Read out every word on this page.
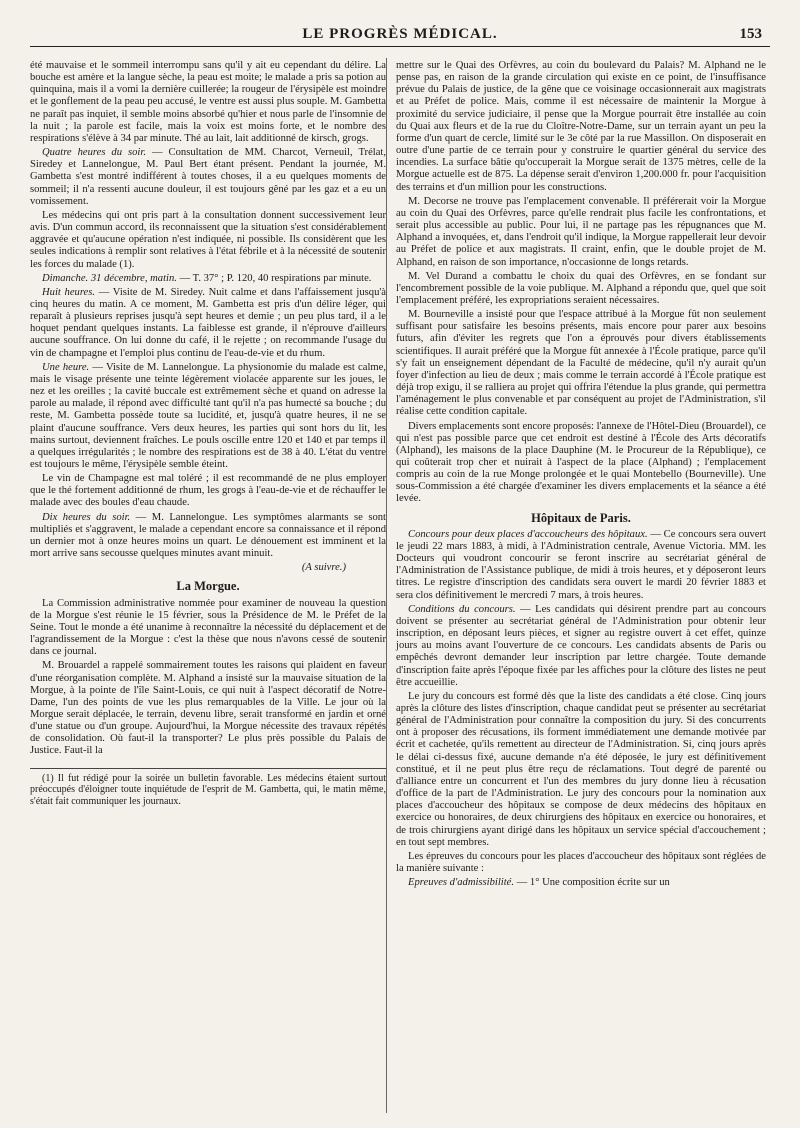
LE PROGRÈS MÉDICAL.	153

été mauvaise et le sommeil interrompu sans qu'il y ait eu cependant du délire. La bouche est amère et la langue sèche, la peau est moite; le malade a pris sa potion au quinquina, mais il a vomi la dernière cuillerée; la rougeur de l'érysipèle est moindre et le gonflement de la peau peu accusé, le ventre est aussi plus souple. M. Gambetta ne paraît pas inquiet, il semble moins absorbé qu'hier et nous parle de l'insomnie de la nuit ; la parole est facile, mais la voix est moins forte, et le nombre des respirations s'élève à 34 par minute. Thé au lait, lait additionné de kirsch, grogs.

Quatre heures du soir. — Consultation de MM. Charcot, Verneuil, Trélat, Siredey et Lannelongue, M. Paul Bert étant présent. Pendant la journée, M. Gambetta s'est montré indifférent à toutes choses, il a eu quelques moments de sommeil; il n'a ressenti aucune douleur, il est toujours gêné par les gaz et a eu un vomissement.

Les médecins qui ont pris part à la consultation donnent successivement leur avis. D'un commun accord, ils reconnaissent que la situation s'est considérablement aggravée et qu'aucune opération n'est indiquée, ni possible. Ils considèrent que les seules indications à remplir sont relatives à l'état fébrile et à la nécessité de soutenir les forces du malade (1).

Dimanche. 31 décembre, matin. — T. 37° ; P. 120, 40 respirations par minute.

Huit heures. — Visite de M. Siredey. Nuit calme et dans l'affaissement jusqu'à cinq heures du matin. A ce moment, M. Gambetta est pris d'un délire léger, qui reparaît à plusieurs reprises jusqu'à sept heures et demie ; un peu plus tard, il a le hoquet pendant quelques instants. La faiblesse est grande, il n'éprouve d'ailleurs aucune souffrance. On lui donne du café, il le rejette ; on recommande l'usage du vin de champagne et l'emploi plus continu de l'eau-de-vie et du rhum.

Une heure. — Visite de M. Lannelongue. La physionomie du malade est calme, mais le visage présente une teinte légèrement violacée apparente sur les joues, le nez et les oreilles ; la cavité buccale est extrêmement sèche et quand on adresse la parole au malade, il répond avec difficulté tant qu'il n'a pas humecté sa bouche ; du reste, M. Gambetta possède toute sa lucidité, et, jusqu'à quatre heures, il ne se plaint d'aucune souffrance. Vers deux heures, les parties qui sont hors du lit, les mains surtout, deviennent fraîches. Le pouls oscille entre 120 et 140 et par temps il a quelques irrégularités ; le nombre des respirations est de 38 à 40. L'état du ventre est toujours le même, l'érysipèle semble éteint.

Le vin de Champagne est mal toléré ; il est recommandé de ne plus employer que le thé fortement additionné de rhum, les grogs à l'eau-de-vie et de réchauffer le malade avec des boules d'eau chaude.

Dix heures du soir. — M. Lannelongue. Les symptômes alarmants se sont multipliés et s'aggravent, le malade a cependant encore sa connaissance et il répond un dernier mot à onze heures moins un quart. Le dénouement est imminent et la mort arrive sans secousse quelques minutes avant minuit.

(A suivre.)
La Morgue.

La Commission administrative nommée pour examiner de nouveau la question de la Morgue s'est réunie le 15 février, sous la Présidence de M. le Préfet de la Seine. Tout le monde a été unanime à reconnaître la nécessité du déplacement et de l'agrandissement de la Morgue : c'est la thèse que nous n'avons cessé de soutenir dans ce journal.

M. Brouardel a rappelé sommairement toutes les raisons qui plaident en faveur d'une réorganisation complète. M. Alphand a insisté sur la mauvaise situation de la Morgue, à la pointe de l'île Saint-Louis, ce qui nuit à l'aspect décoratif de Notre-Dame, l'un des points de vue les plus remarquables de la Ville. Le jour où la Morgue serait déplacée, le terrain, devenu libre, serait transformé en jardin et orné d'une statue ou d'un groupe. Aujourd'hui, la Morgue nécessite des travaux répétés de consolidation. Où faut-il la transporter? Le plus près possible du Palais de Justice. Faut-il la

(1) Il fut rédigé pour la soirée un bulletin favorable. Les médecins étaient surtout préoccupés d'éloigner toute inquiétude de l'esprit de M. Gambetta, qui, le matin même, s'était fait communiquer les journaux.

mettre sur le Quai des Orfèvres, au coin du boulevard du Palais? M. Alphand ne le pense pas, en raison de la grande circulation qui existe en ce point, de l'insuffisance prévue du Palais de justice, de la gêne que ce voisinage occasionnerait aux magistrats et au Préfet de police. Mais, comme il est nécessaire de maintenir la Morgue à proximité du service judiciaire, il pense que la Morgue pourrait être installée au coin du Quai aux fleurs et de la rue du Cloître-Notre-Dame, sur un terrain ayant un peu la forme d'un quart de cercle, limité sur le 3e côté par la rue Massillon. On disposerait en outre d'une partie de ce terrain pour y construire le quartier général du service des incendies. La surface bâtie qu'occuperait la Morgue serait de 1375 mètres, celle de la Morgue actuelle est de 875. La dépense serait d'environ 1,200.000 fr. pour l'acquisition des terrains et d'un million pour les constructions.

M. Decorse ne trouve pas l'emplacement convenable. Il préférerait voir la Morgue au coin du Quai des Orfèvres, parce qu'elle rendrait plus facile les confrontations, et serait plus accessible au public. Pour lui, il ne partage pas les répugnances que M. Alphand a invoquées, et, dans l'endroit qu'il indique, la Morgue rappellerait leur devoir au Préfet de police et aux magistrats. Il craint, enfin, que le double projet de M. Alphand, en raison de son importance, n'occasionne de longs retards.

M. Vel Durand a combattu le choix du quai des Orfèvres, en se fondant sur l'encombrement possible de la voie publique. M. Alphand a répondu que, quel que soit l'emplacement préféré, les expropriations seraient nécessaires.

M. Bourneville a insisté pour que l'espace attribué à la Morgue fût non seulement suffisant pour satisfaire les besoins présents, mais encore pour parer aux besoins futurs, afin d'éviter les regrets que l'on a éprouvés pour divers établissements scientifiques. Il aurait préféré que la Morgue fût annexée à l'École pratique, parce qu'il s'y fait un enseignement dépendant de la Faculté de médecine, qu'il n'y aurait qu'un foyer d'infection au lieu de deux ; mais comme le terrain accordé à l'École pratique est déjà trop exigu, il se ralliera au projet qui offrira l'étendue la plus grande, qui permettra l'aménagement le plus convenable et par conséquent au projet de l'Administration, s'il réalise cette condition capitale.

Divers emplacements sont encore proposés: l'annexe de l'Hôtel-Dieu (Brouardel), ce qui n'est pas possible parce que cet endroit est destiné à l'École des Arts décoratifs (Alphand), les maisons de la place Dauphine (M. le Procureur de la République), ce qui coûterait trop cher et nuirait à l'aspect de la place (Alphand) ; l'emplacement compris au coin de la rue Monge prolongée et le quai Montebello (Bourneville). Une sous-Commission a été chargée d'examiner les divers emplacements et la séance a été levée.

Hôpitaux de Paris.

Concours pour deux places d'accoucheurs des hôpitaux. — Ce concours sera ouvert le jeudi 22 mars 1883, à midi, à l'Administration centrale, Avenue Victoria. MM. les Docteurs qui voudront concourir se feront inscrire au secrétariat général de l'Administration de l'Assistance publique, de midi à trois heures, et y déposeront leurs titres. Le registre d'inscription des candidats sera ouvert le mardi 20 février 1883 et sera clos définitivement le mercredi 7 mars, à trois heures.

Conditions du concours. — Les candidats qui désirent prendre part au concours doivent se présenter au secrétariat général de l'Administration pour obtenir leur inscription, en déposant leurs pièces, et signer au registre ouvert à cet effet, quinze jours au moins avant l'ouverture de ce concours. Les candidats absents de Paris ou empêchés devront demander leur inscription par lettre chargée. Toute demande d'inscription faite après l'époque fixée par les affiches pour la clôture des listes ne peut être accueillie.

Le jury du concours est formé dès que la liste des candidats a été close. Cinq jours après la clôture des listes d'inscription, chaque candidat peut se présenter au secrétariat général de l'Administration pour connaître la composition du jury. Si des concurrents ont à proposer des récusations, ils forment immédiatement une demande motivée par écrit et cachetée, qu'ils remettent au directeur de l'Administration. Si, cinq jours après le délai ci-dessus fixé, aucune demande n'a été déposée, le jury est définitivement constitué, et il ne peut plus être reçu de réclamations. Tout degré de parenté ou d'alliance entre un concurrent et l'un des membres du jury donne lieu à récusation d'office de la part de l'Administration. Le jury des concours pour la nomination aux places d'accoucheur des hôpitaux se compose de deux médecins des hôpitaux en exercice ou honoraires, de deux chirurgiens des hôpitaux en exercice ou honoraires, et de trois chirurgiens ayant dirigé dans les hôpitaux un service spécial d'accouchement ; en tout sept membres.

Les épreuves du concours pour les places d'accoucheur des hôpitaux sont réglées de la manière suivante :

Epreuves d'admissibilité. — 1° Une composition écrite sur un
